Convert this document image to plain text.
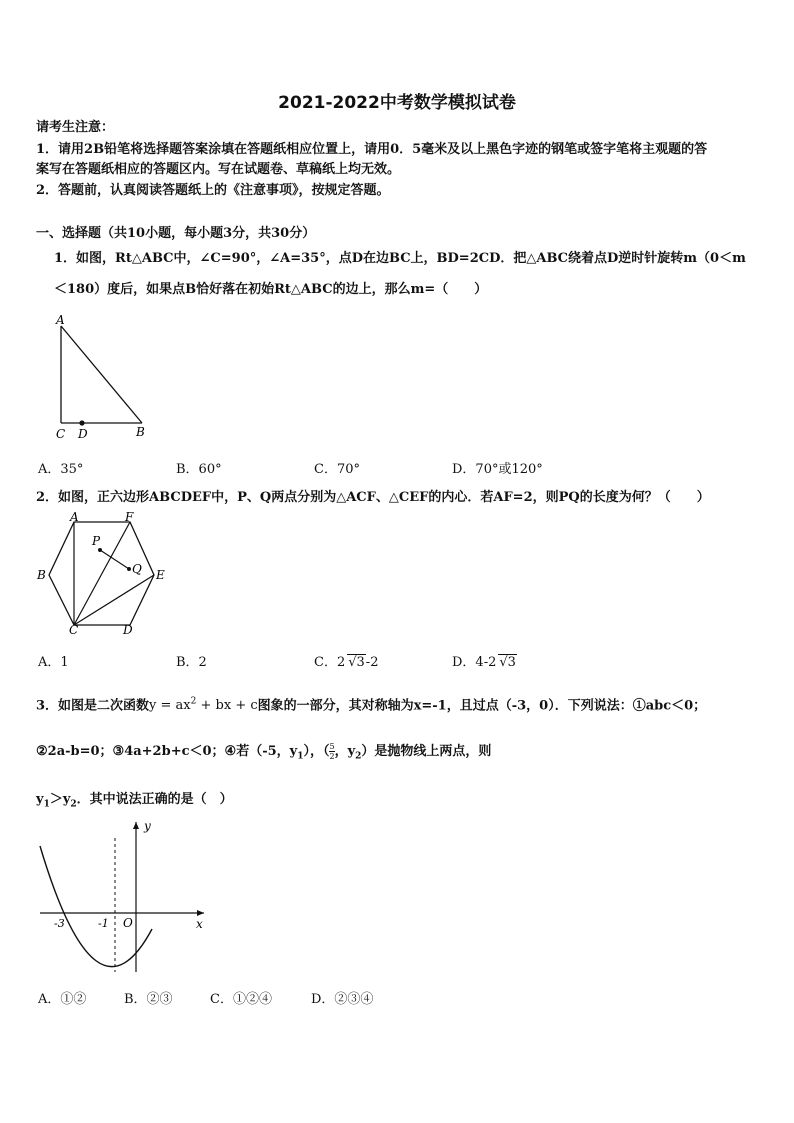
2021-2022中考数学模拟试卷
请考生注意：
1．请用2B铅笔将选择题答案涂填在答题纸相应位置上，请用0．5毫米及以上黑色字迹的钢笔或签字笔将主观题的答
案写在答题纸相应的答题区内。写在试题卷、草稿纸上均无效。
2．答题前，认真阅读答题纸上的《注意事项》，按规定答题。
一、选择题（共10小题，每小题3分，共30分）
1．如图，Rt△ABC中，∠C=90°，∠A=35°，点D在边BC上，BD=2CD．把△ABC绕着点D逆时针旋转m（0＜m
＜180）度后，如果点B恰好落在初始Rt△ABC的边上，那么m=（　　）
A
C D	B
A．35°	B．60°	C．70°	D．70°或120°
2．如图，正六边形ABCDEF中，P、Q两点分别为△ACF、△CEF的内心．若AF=2，则PQ的长度为何？（　　）
A	F
B	E
C	D
P
Q
A．1	B．2	C．2 √3-2	D．4-2 √3
3．如图是二次函数$y = ax^2$ + bx + c图象的一部分，其对称轴为x=-1，且过点（-3，0）．下列说法：①abc＜0；
②2a-b=0；③4a+2b+c＜0；④若（-5，$y_1$），（ $\frac{5}{2}$ ，$y_2$）是抛物线上两点，则
$y_1>y_2$．其中说法正确的是（　）
y
x
O
-3	-1
A．①②	B．②③	C．①②④	D．②③④
